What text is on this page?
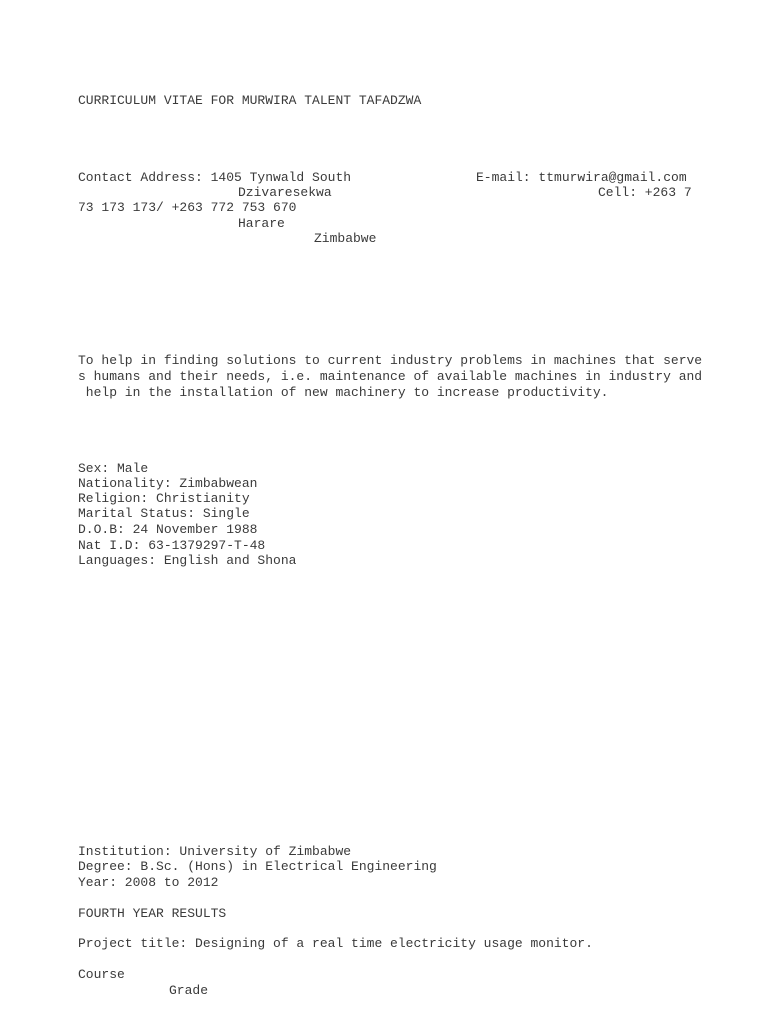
CURRICULUM VITAE FOR MURWIRA TALENT TAFADZWA
Contact Address: 1405 Tynwald South	E-mail: ttmurwira@gmail.com
Dzivaresekwa	Cell: +263 7
73 173 173/ +263 772 753 670
Harare
Zimbabwe
To help in finding solutions to current industry problems in machines that serve
s humans and their needs, i.e. maintenance of available machines in industry and
help in the installation of new machinery to increase productivity.
Sex: Male
Nationality: Zimbabwean
Religion: Christianity
Marital Status: Single
D.O.B: 24 November 1988
Nat I.D: 63-1379297-T-48
Languages: English and Shona
Institution: University of Zimbabwe
Degree: B.Sc. (Hons) in Electrical Engineering
Year: 2008 to 2012
FOURTH YEAR RESULTS
Project title: Designing of a real time electricity usage monitor.
Course
Grade
